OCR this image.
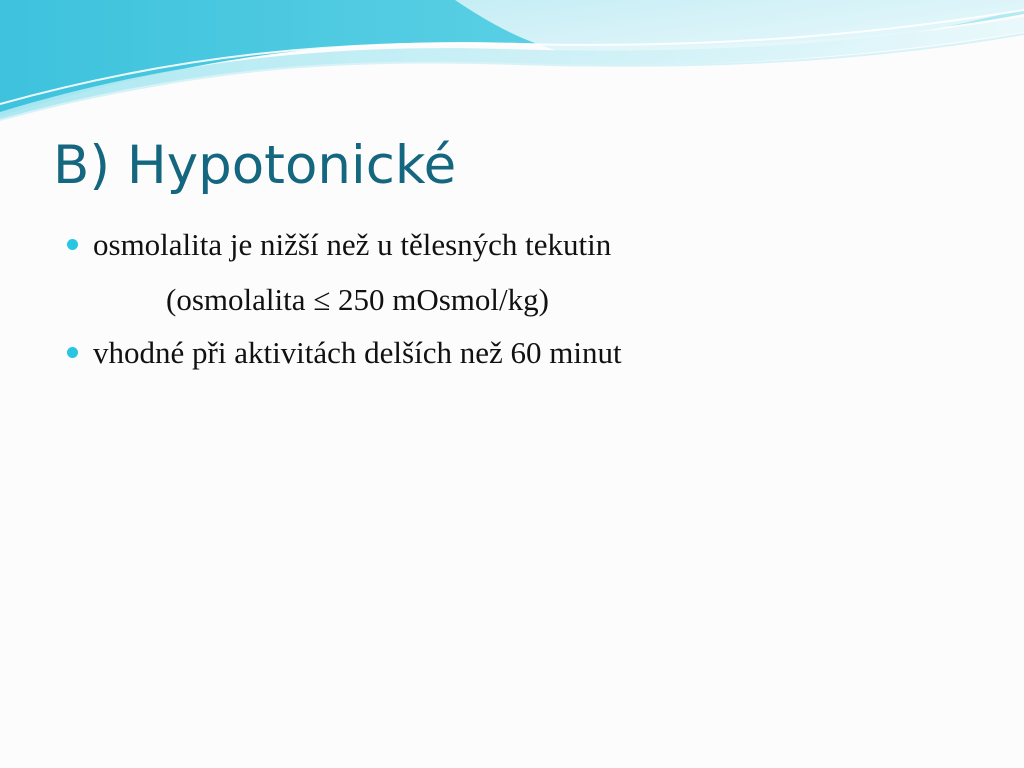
B) Hypotonické
osmolalita je nižší než u tělesných tekutin
(osmolalita ≤ 250 mOsmol/kg)
vhodné při aktivitách delších než 60 minut
